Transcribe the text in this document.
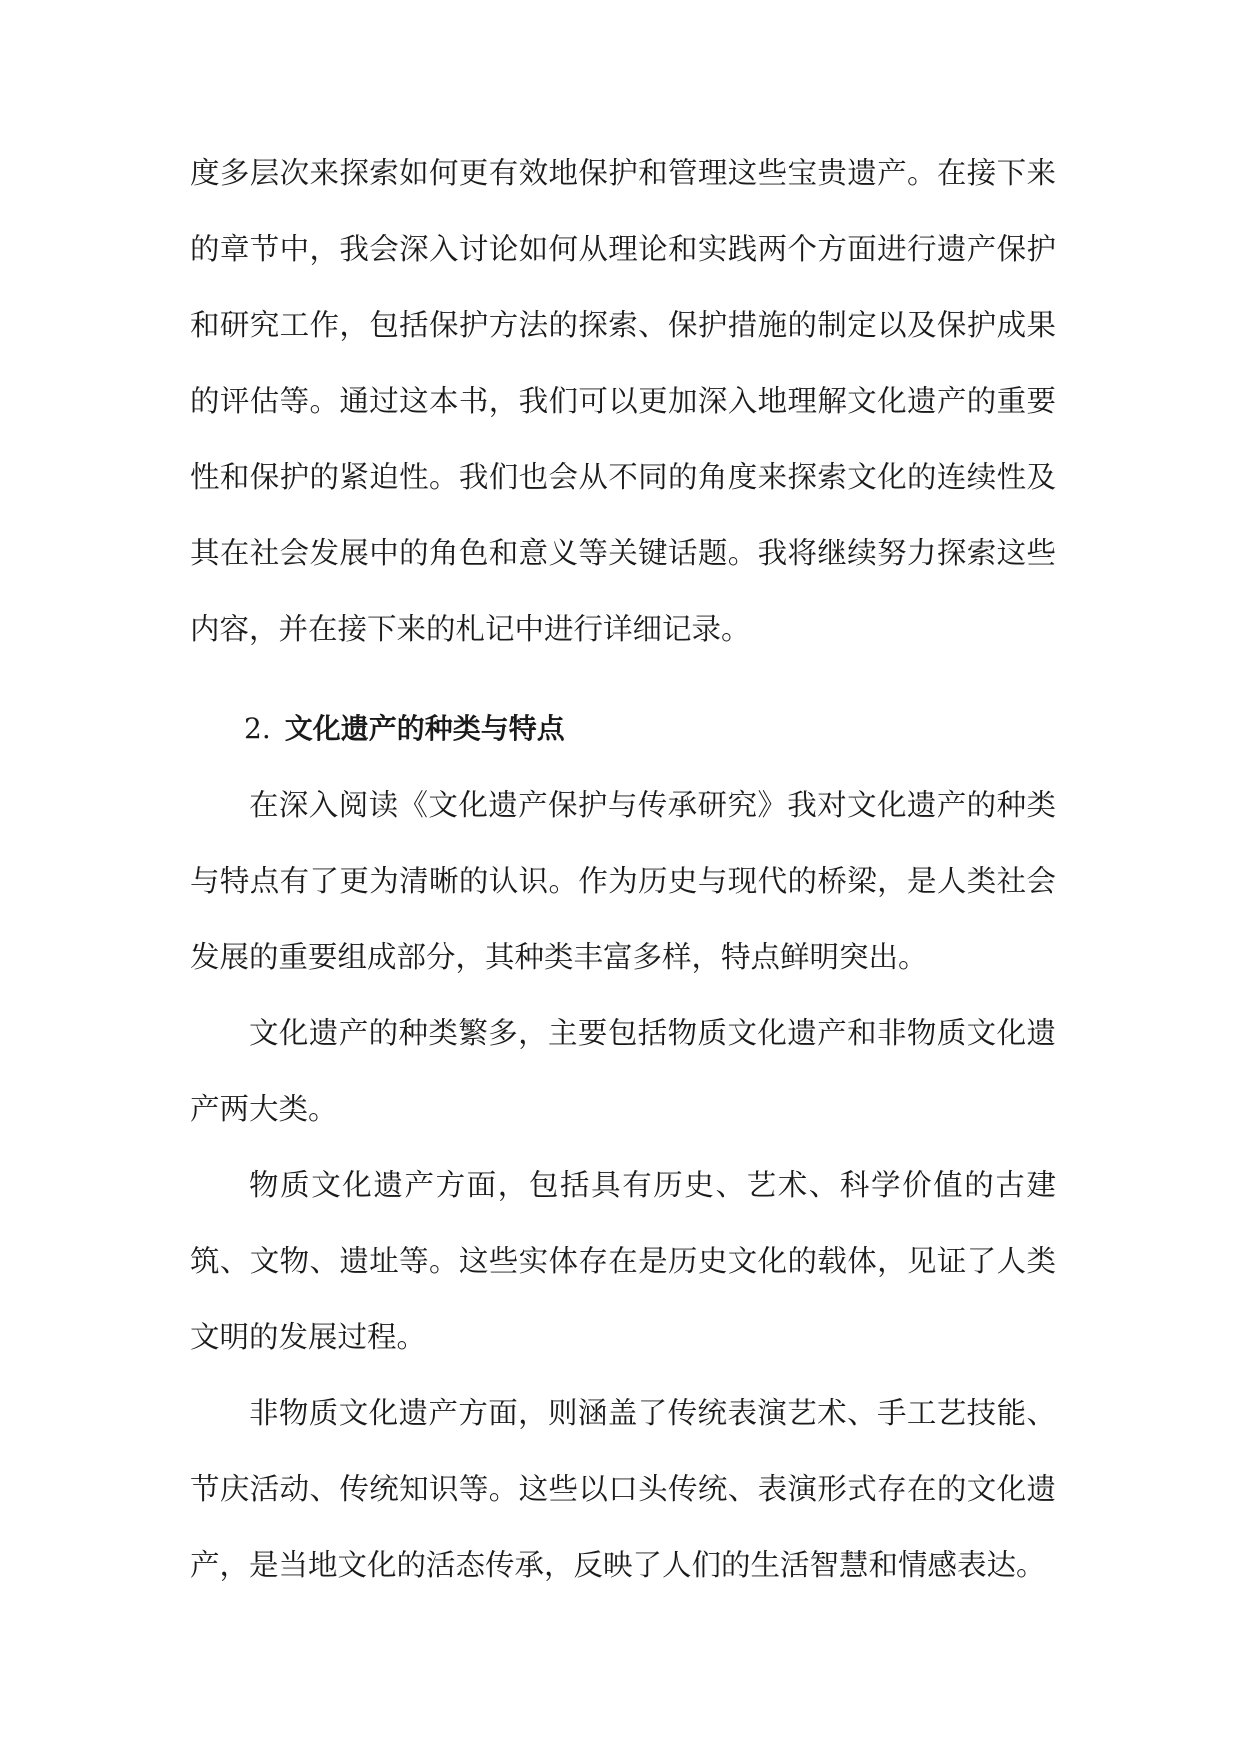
度多层次来探索如何更有效地保护和管理这些宝贵遗产。在接下来的章节中，我会深入讨论如何从理论和实践两个方面进行遗产保护和研究工作，包括保护方法的探索、保护措施的制定以及保护成果的评估等。通过这本书，我们可以更加深入地理解文化遗产的重要性和保护的紧迫性。我们也会从不同的角度来探索文化的连续性及其在社会发展中的角色和意义等关键话题。我将继续努力探索这些内容，并在接下来的札记中进行详细记录。

2. 文化遗产的种类与特点

在深入阅读《文化遗产保护与传承研究》我对文化遗产的种类与特点有了更为清晰的认识。作为历史与现代的桥梁，是人类社会发展的重要组成部分，其种类丰富多样，特点鲜明突出。

文化遗产的种类繁多，主要包括物质文化遗产和非物质文化遗产两大类。

物质文化遗产方面，包括具有历史、艺术、科学价值的古建筑、文物、遗址等。这些实体存在是历史文化的载体，见证了人类文明的发展过程。

非物质文化遗产方面，则涵盖了传统表演艺术、手工艺技能、节庆活动、传统知识等。这些以口头传统、表演形式存在的文化遗产，是当地文化的活态传承，反映了人们的生活智慧和情感表达。
